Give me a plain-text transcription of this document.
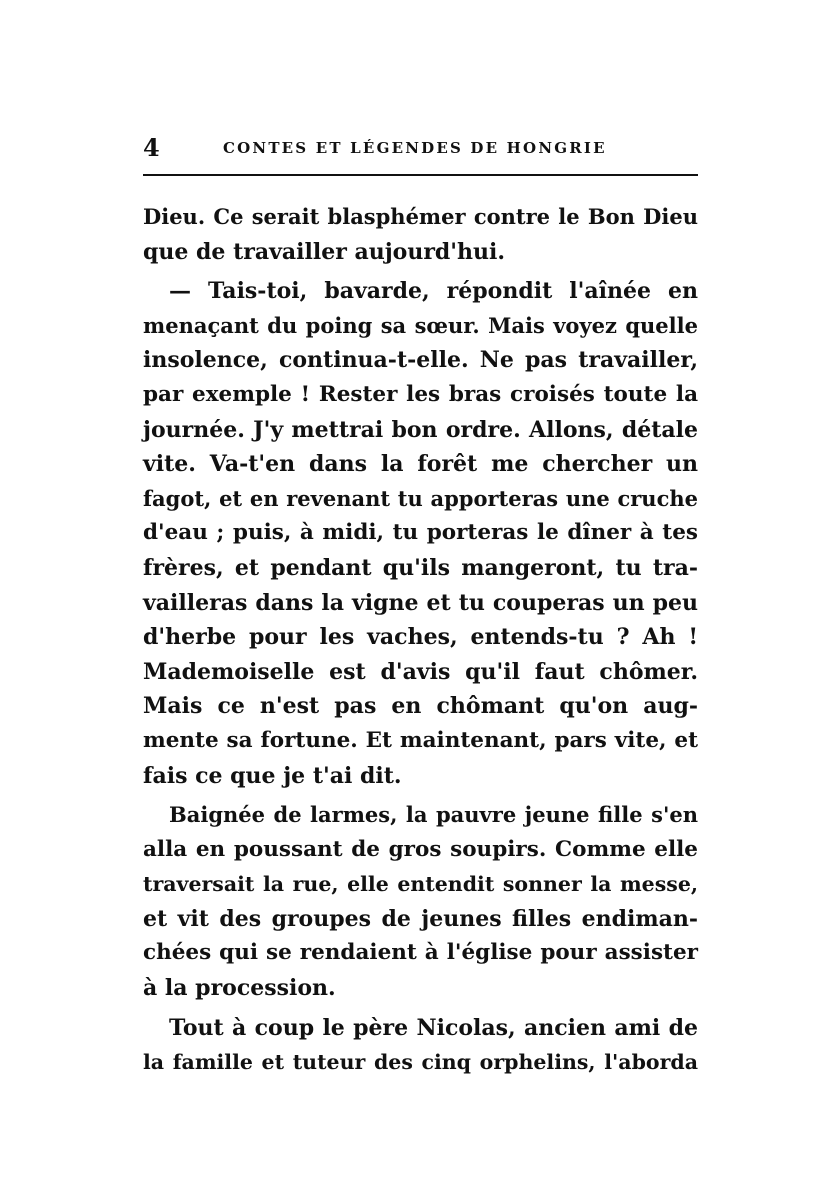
4	CONTES ET LÉGENDES DE HONGRIE
Dieu. Ce serait blasphémer contre le Bon Dieu
que de travailler aujourd'hui.
— Tais-toi, bavarde, répondit l'aînée en
menaçant du poing sa sœur. Mais voyez quelle
insolence, continua-t-elle. Ne pas travailler,
par exemple ! Rester les bras croisés toute la
journée. J'y mettrai bon ordre. Allons, détale
vite. Va-t'en dans la forêt me chercher un
fagot, et en revenant tu apporteras une cruche
d'eau ; puis, à midi, tu porteras le dîner à tes
frères, et pendant qu'ils mangeront, tu tra-
vailleras dans la vigne et tu couperas un peu
d'herbe pour les vaches, entends-tu ? Ah !
Mademoiselle est d'avis qu'il faut chômer.
Mais ce n'est pas en chômant qu'on aug-
mente sa fortune. Et maintenant, pars vite, et
fais ce que je t'ai dit.
Baignée de larmes, la pauvre jeune fille s'en
alla en poussant de gros soupirs. Comme elle
traversait la rue, elle entendit sonner la messe,
et vit des groupes de jeunes filles endiman-
chées qui se rendaient à l'église pour assister
à la procession.
Tout à coup le père Nicolas, ancien ami de
la famille et tuteur des cinq orphelins, l'aborda
